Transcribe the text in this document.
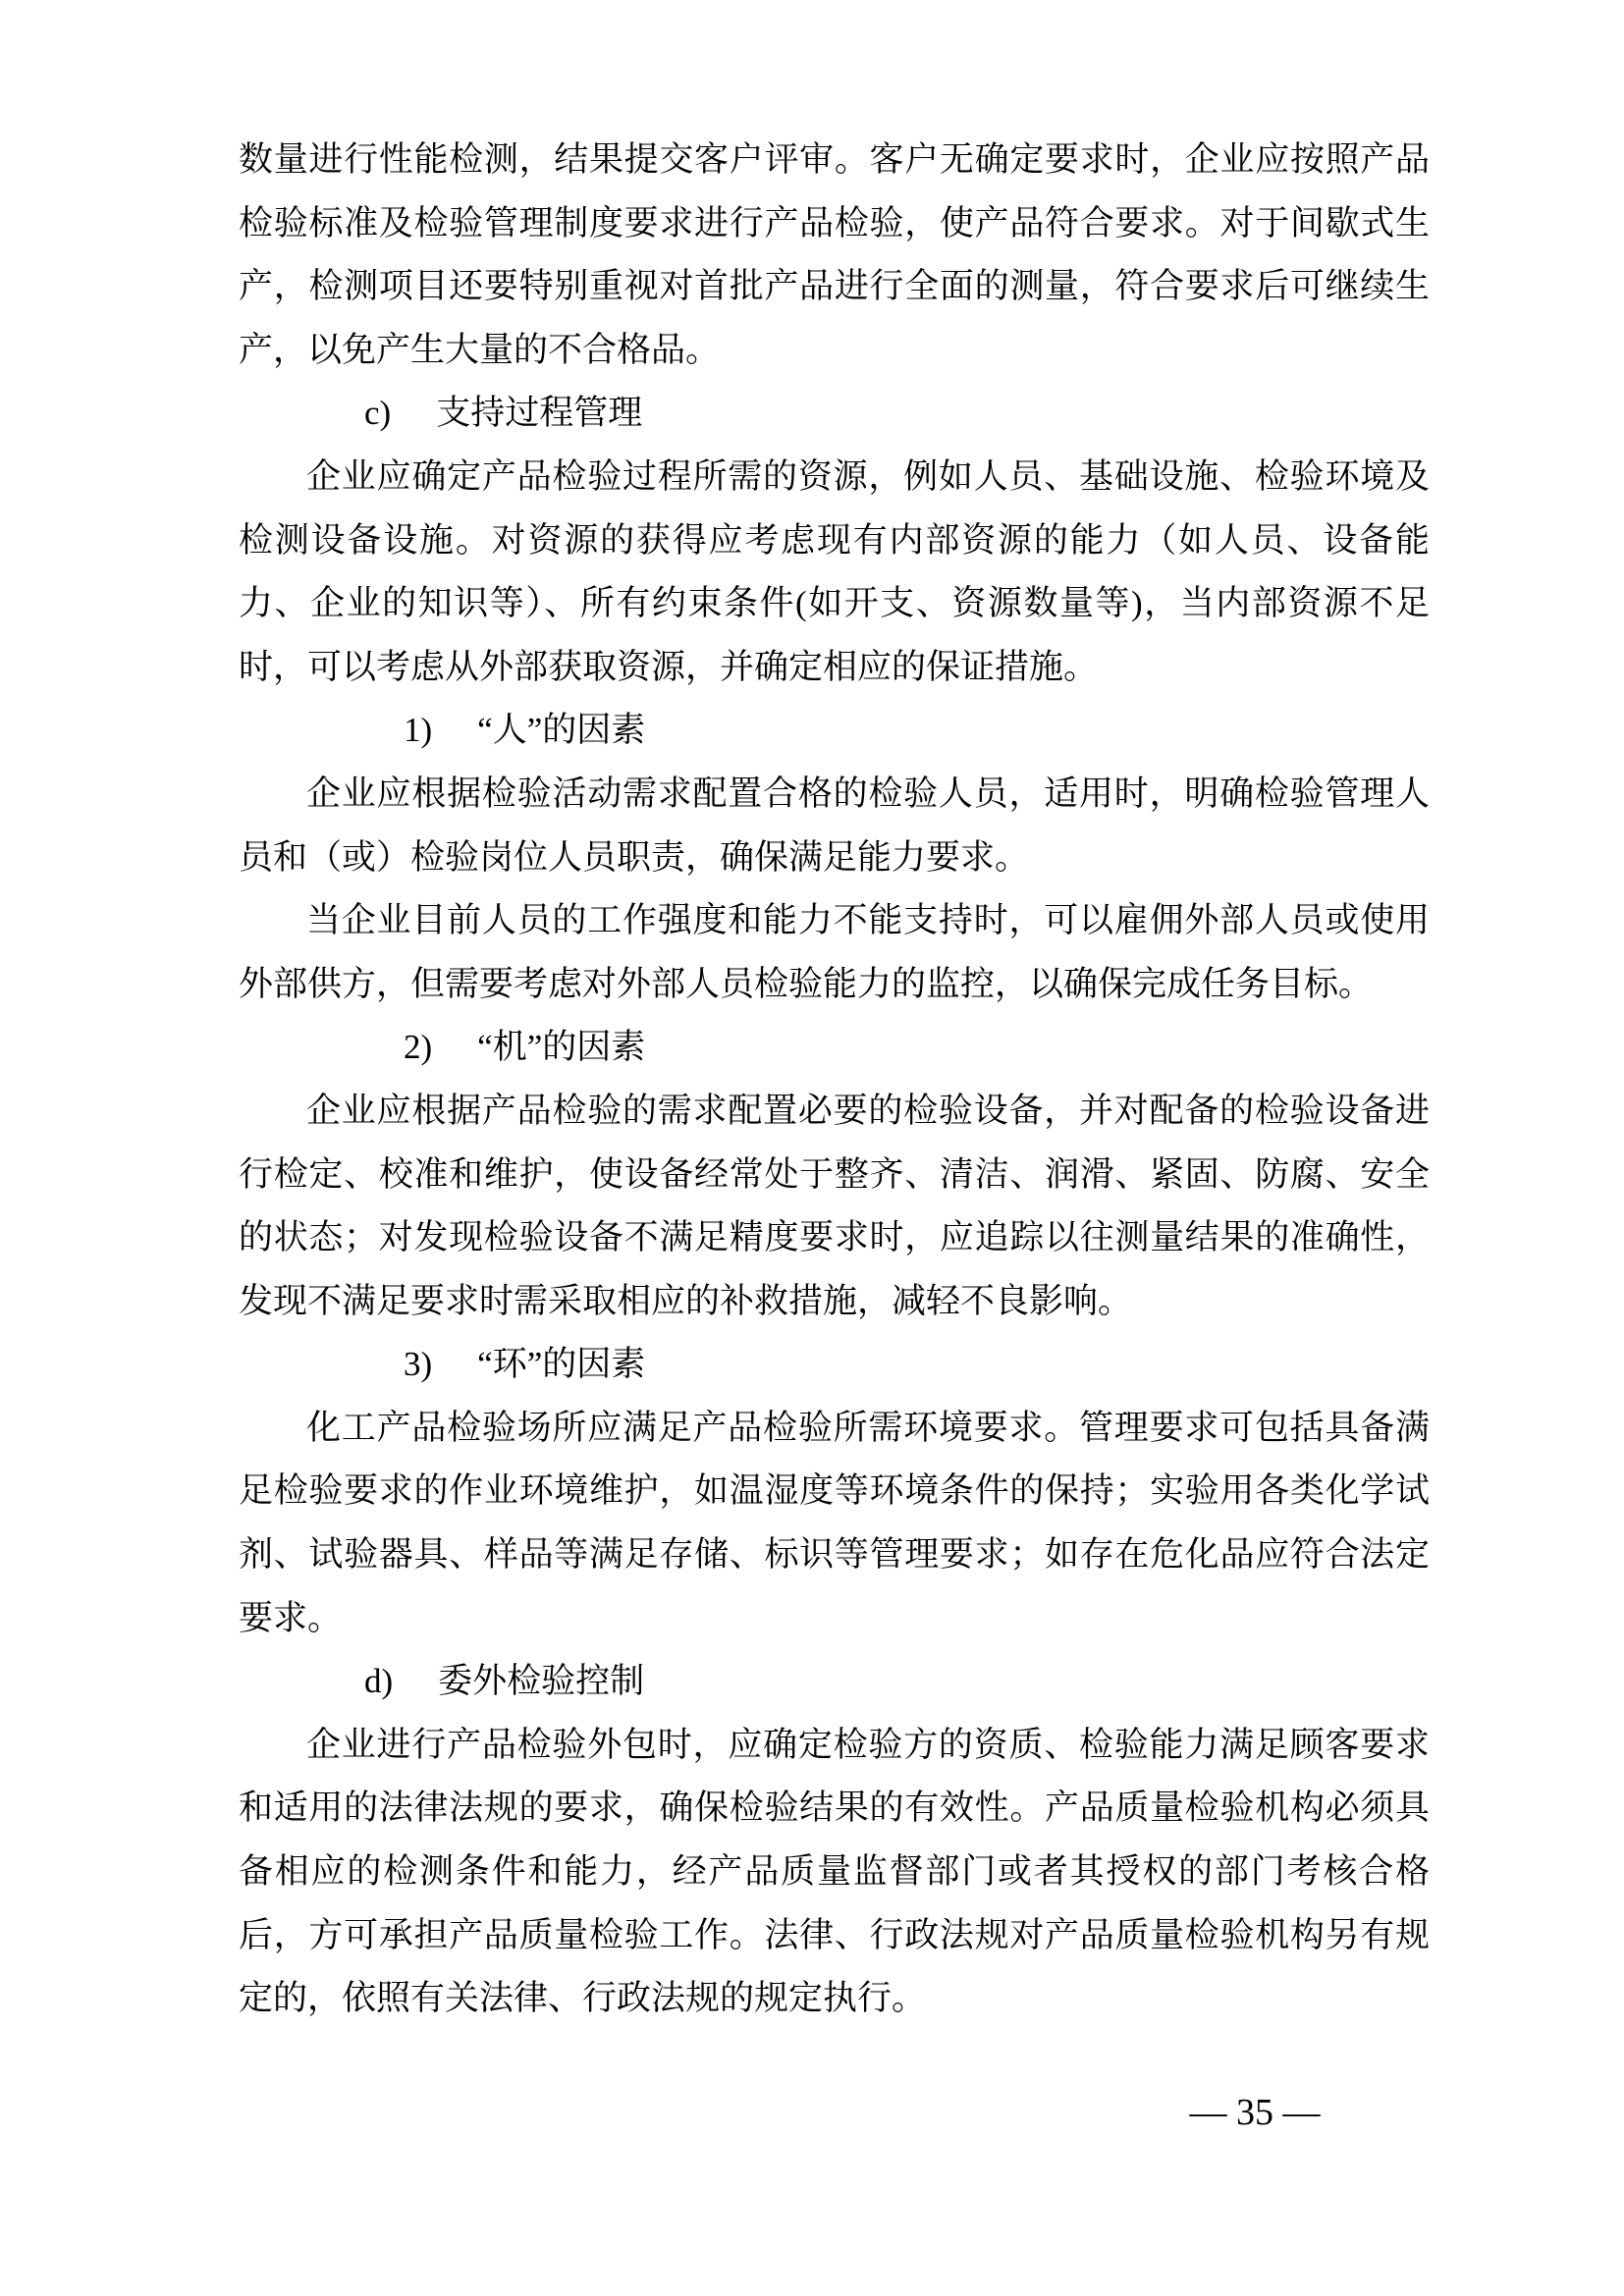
数量进行性能检测，结果提交客户评审。客户无确定要求时，企业应按照产品检验标准及检验管理制度要求进行产品检验，使产品符合要求。对于间歇式生产，检测项目还要特别重视对首批产品进行全面的测量，符合要求后可继续生产，以免产生大量的不合格品。

c) 支持过程管理

企业应确定产品检验过程所需的资源，例如人员、基础设施、检验环境及检测设备设施。对资源的获得应考虑现有内部资源的能力（如人员、设备能力、企业的知识等）、所有约束条件(如开支、资源数量等)，当内部资源不足时，可以考虑从外部获取资源，并确定相应的保证措施。

1) “人”的因素

企业应根据检验活动需求配置合格的检验人员，适用时，明确检验管理人员和（或）检验岗位人员职责，确保满足能力要求。

当企业目前人员的工作强度和能力不能支持时，可以雇佣外部人员或使用外部供方，但需要考虑对外部人员检验能力的监控，以确保完成任务目标。

2) “机”的因素

企业应根据产品检验的需求配置必要的检验设备，并对配备的检验设备进行检定、校准和维护，使设备经常处于整齐、清洁、润滑、紧固、防腐、安全的状态；对发现检验设备不满足精度要求时，应追踪以往测量结果的准确性，发现不满足要求时需采取相应的补救措施，减轻不良影响。

3) “环”的因素

化工产品检验场所应满足产品检验所需环境要求。管理要求可包括具备满足检验要求的作业环境维护，如温湿度等环境条件的保持；实验用各类化学试剂、试验器具、样品等满足存储、标识等管理要求；如存在危化品应符合法定要求。

d) 委外检验控制

企业进行产品检验外包时，应确定检验方的资质、检验能力满足顾客要求和适用的法律法规的要求，确保检验结果的有效性。产品质量检验机构必须具备相应的检测条件和能力，经产品质量监督部门或者其授权的部门考核合格后，方可承担产品质量检验工作。法律、行政法规对产品质量检验机构另有规定的，依照有关法律、行政法规的规定执行。

— 35 —
